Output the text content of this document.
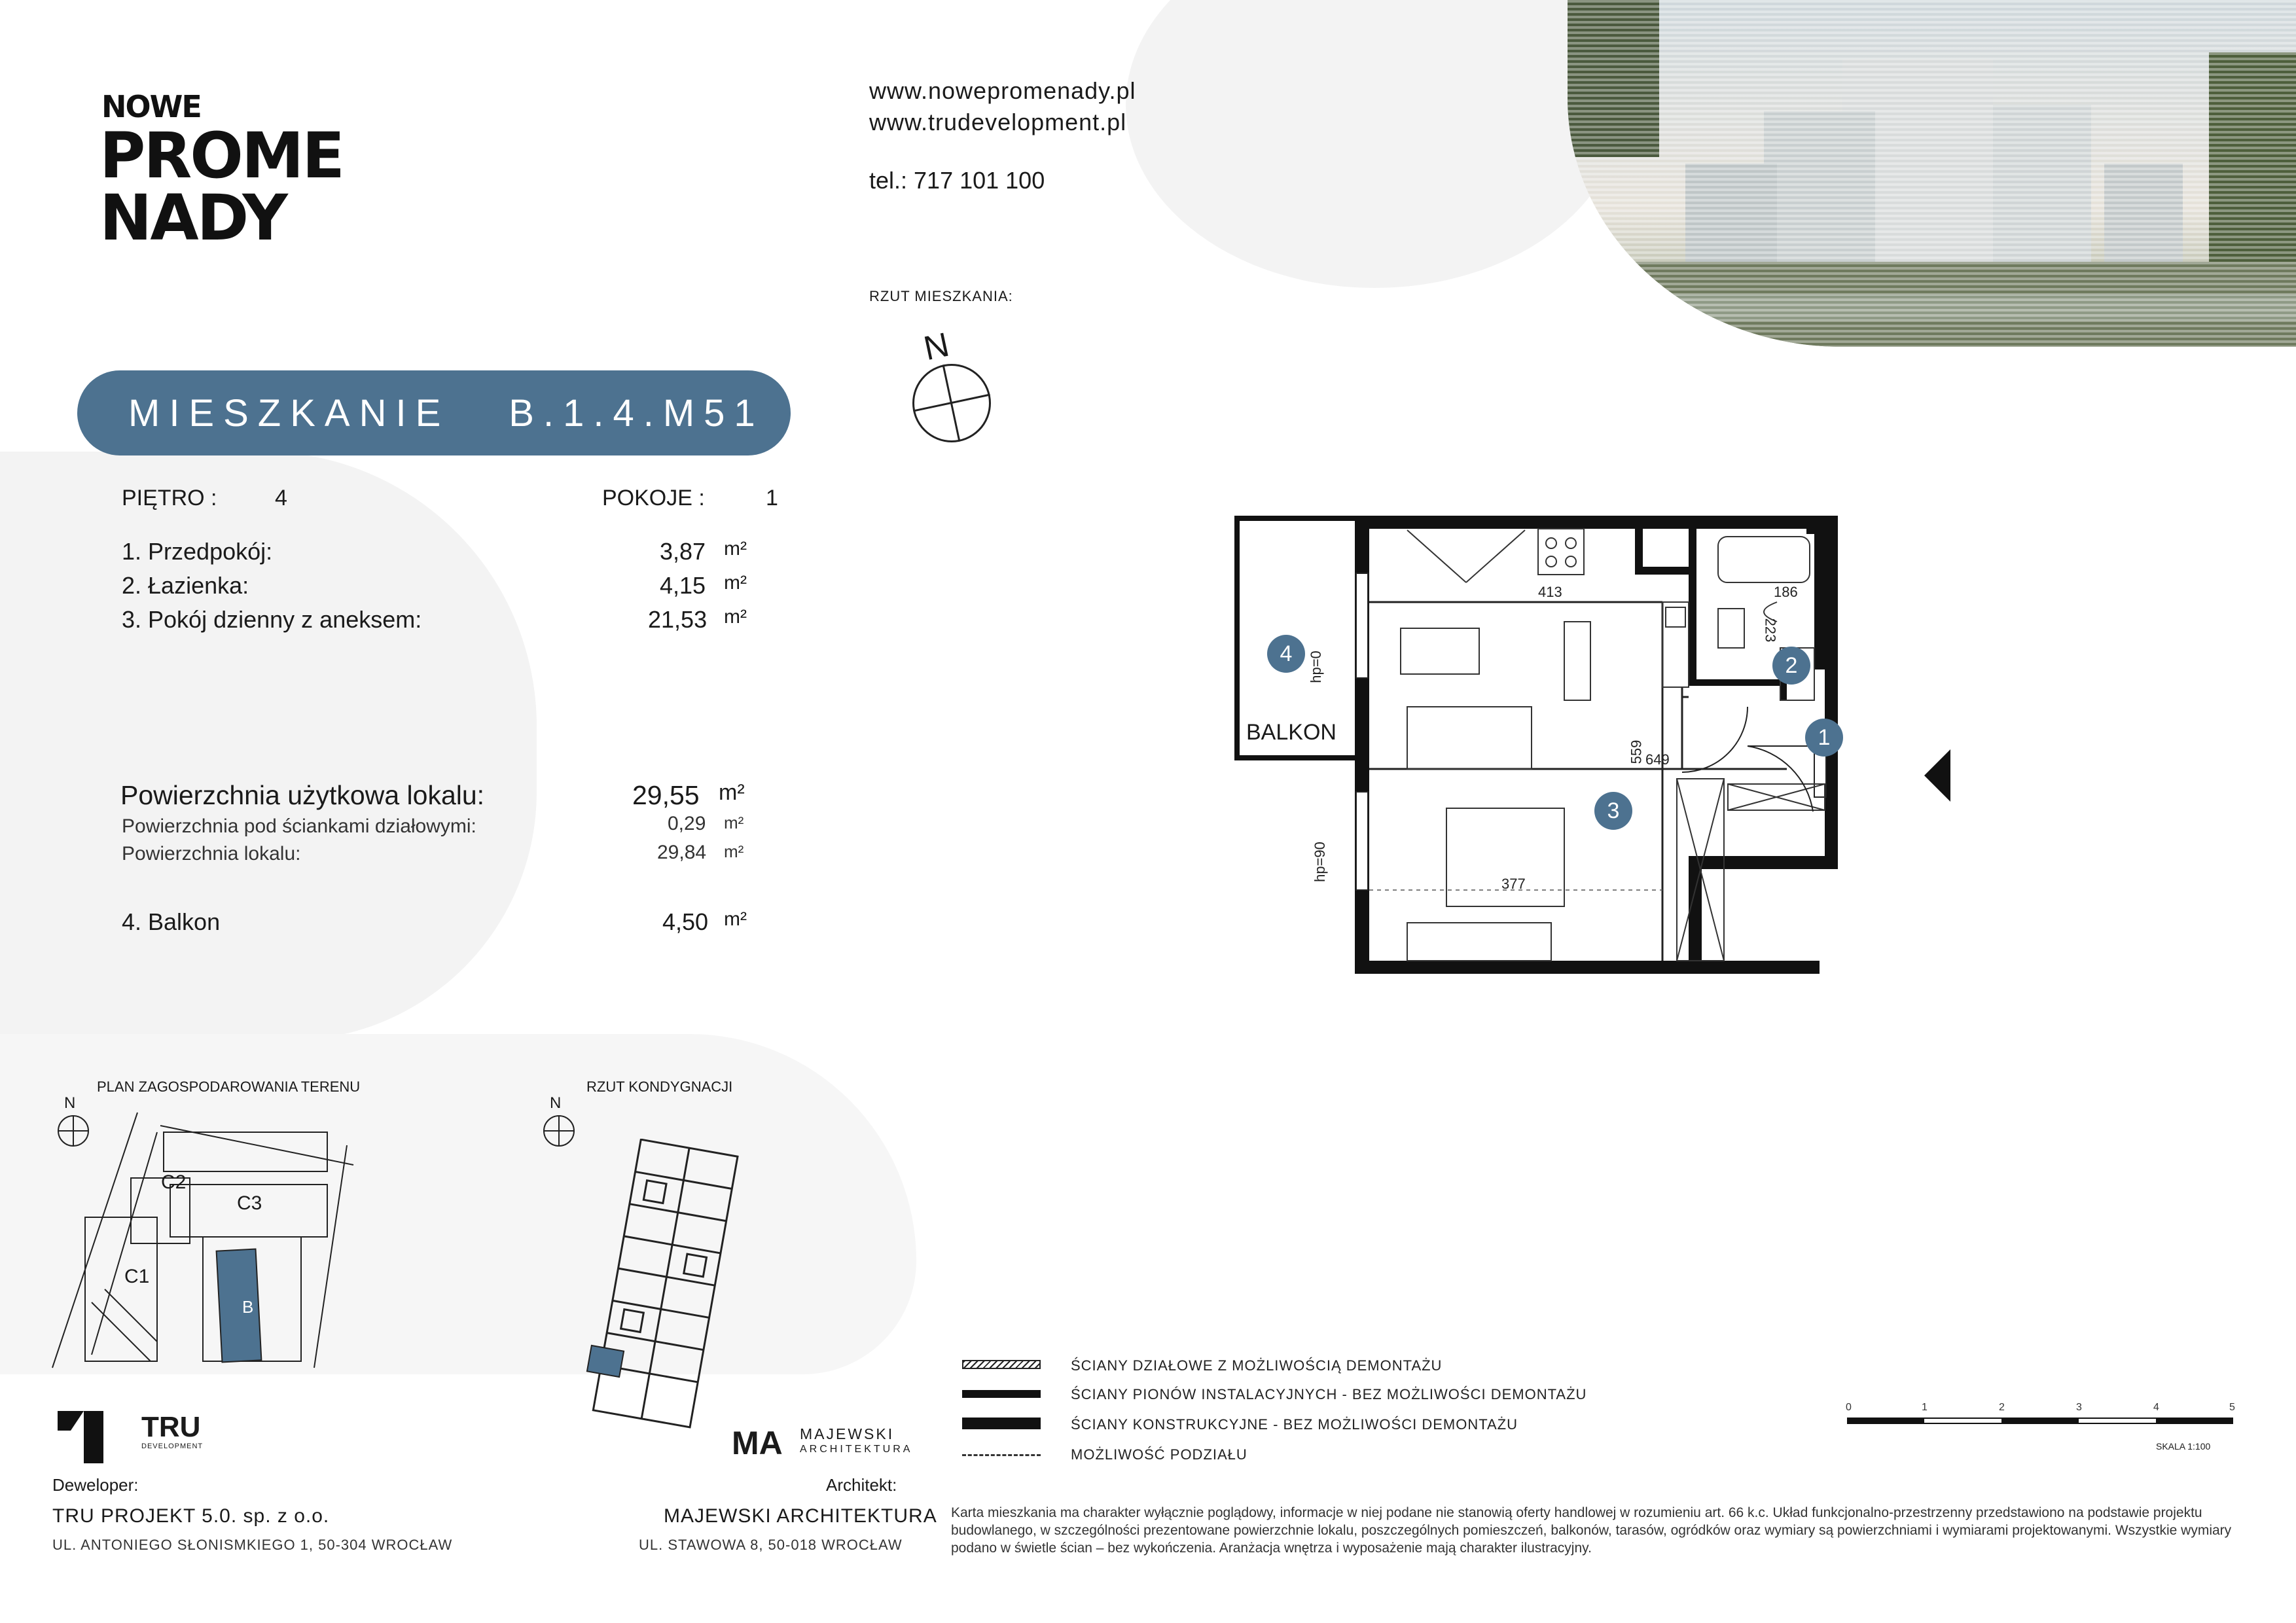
NOWE
PROME
NADY
www.nowepromenady.pl
www.trudevelopment.pl
tel.: 717 101 100
RZUT MIESZKANIA:
N
MIESZKANIE B.1.4.M51
PIĘTRO :	4	POKOJE :	1
1. Przedpokój:	3,87 m²
2. Łazienka:	4,15 m²
3. Pokój dzienny z aneksem:	21,53 m²
Powierzchnia użytkowa lokalu:	29,55 m²
Powierzchnia pod ściankami działowymi:	0,29 m²
Powierzchnia lokalu:	29,84 m²
4. Balkon	4,50 m²
4
1
2
3
BALKON
413	186
223
559 649
377
hp=0
hp=90
PLAN ZAGOSPODAROWANIA TERENU
N
C2
C3
C1
B
RZUT KONDYGNACJI
N
ŚCIANY DZIAŁOWE Z MOŻLIWOŚCIĄ DEMONTAŻU
ŚCIANY PIONÓW INSTALACYJNYCH - BEZ MOŻLIWOŚCI DEMONTAŻU
ŚCIANY KONSTRUKCYJNE - BEZ MOŻLIWOŚCI DEMONTAŻU
MOŻLIWOŚĆ PODZIAŁU
0	1	2	3	4	5
SKALA 1:100
TRU
DEVELOPMENT
Deweloper:
TRU PROJEKT 5.0. sp. z o.o.
UL. ANTONIEGO SŁONISMKIEGO 1, 50-304 WROCŁAW
MA MAJEWSKI
ARCHITEKTURA
Architekt:
MAJEWSKI ARCHITEKTURA
UL. STAWOWA 8, 50-018 WROCŁAW
Karta mieszkania ma charakter wyłącznie poglądowy, informacje w niej podane nie stanowią oferty handlowej w rozumieniu art. 66 k.c. Układ funkcjonalno-przestrzenny przedstawiono na podstawie projektu budowlanego, w szczególności prezentowane powierzchnie lokalu, poszczególnych pomieszczeń, balkonów, tarasów, ogródków oraz wymiary są powierzchniami i wymiarami projektowanymi. Wszystkie wymiary podano w świetle ścian – bez wykończenia. Aranżacja wnętrza i wyposażenie mają charakter ilustracyjny.
